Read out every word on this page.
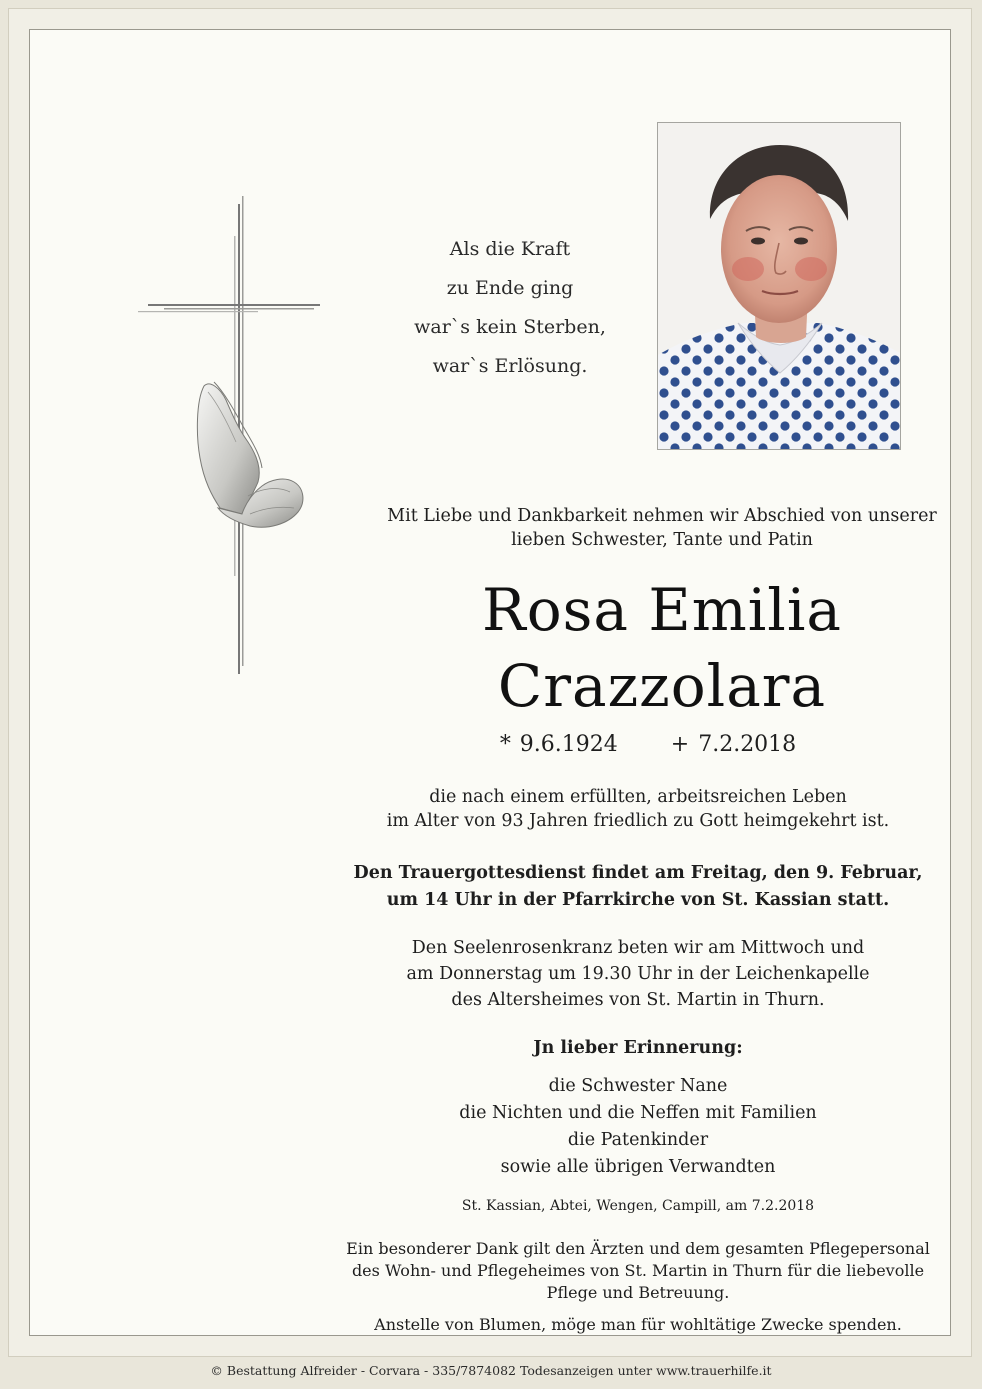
Als die Kraft
zu Ende ging
war`s kein Sterben,
war`s Erlösung.
Mit Liebe und Dankbarkeit nehmen wir Abschied von unserer
lieben Schwester, Tante und Patin
Rosa Emilia
Crazzolara
* 9.6.1924 + 7.2.2018
die nach einem erfüllten, arbeitsreichen Leben
im Alter von 93 Jahren friedlich zu Gott heimgekehrt ist.
Den Trauergottesdienst findet am Freitag, den 9. Februar,
um 14 Uhr in der Pfarrkirche von St. Kassian statt.
Den Seelenrosenkranz beten wir am Mittwoch und
am Donnerstag um 19.30 Uhr in der Leichenkapelle
des Altersheimes von St. Martin in Thurn.
Jn lieber Erinnerung:
die Schwester Nane
die Nichten und die Neffen mit Familien
die Patenkinder
sowie alle übrigen Verwandten
St. Kassian, Abtei, Wengen, Campill, am 7.2.2018
Ein besonderer Dank gilt den Ärzten und dem gesamten Pflegepersonal
des Wohn- und Pflegeheimes von St. Martin in Thurn für die liebevolle
Pflege und Betreuung.
Anstelle von Blumen, möge man für wohltätige Zwecke spenden.
© Bestattung Alfreider - Corvara - 335/7874082 Todesanzeigen unter www.trauerhilfe.it
